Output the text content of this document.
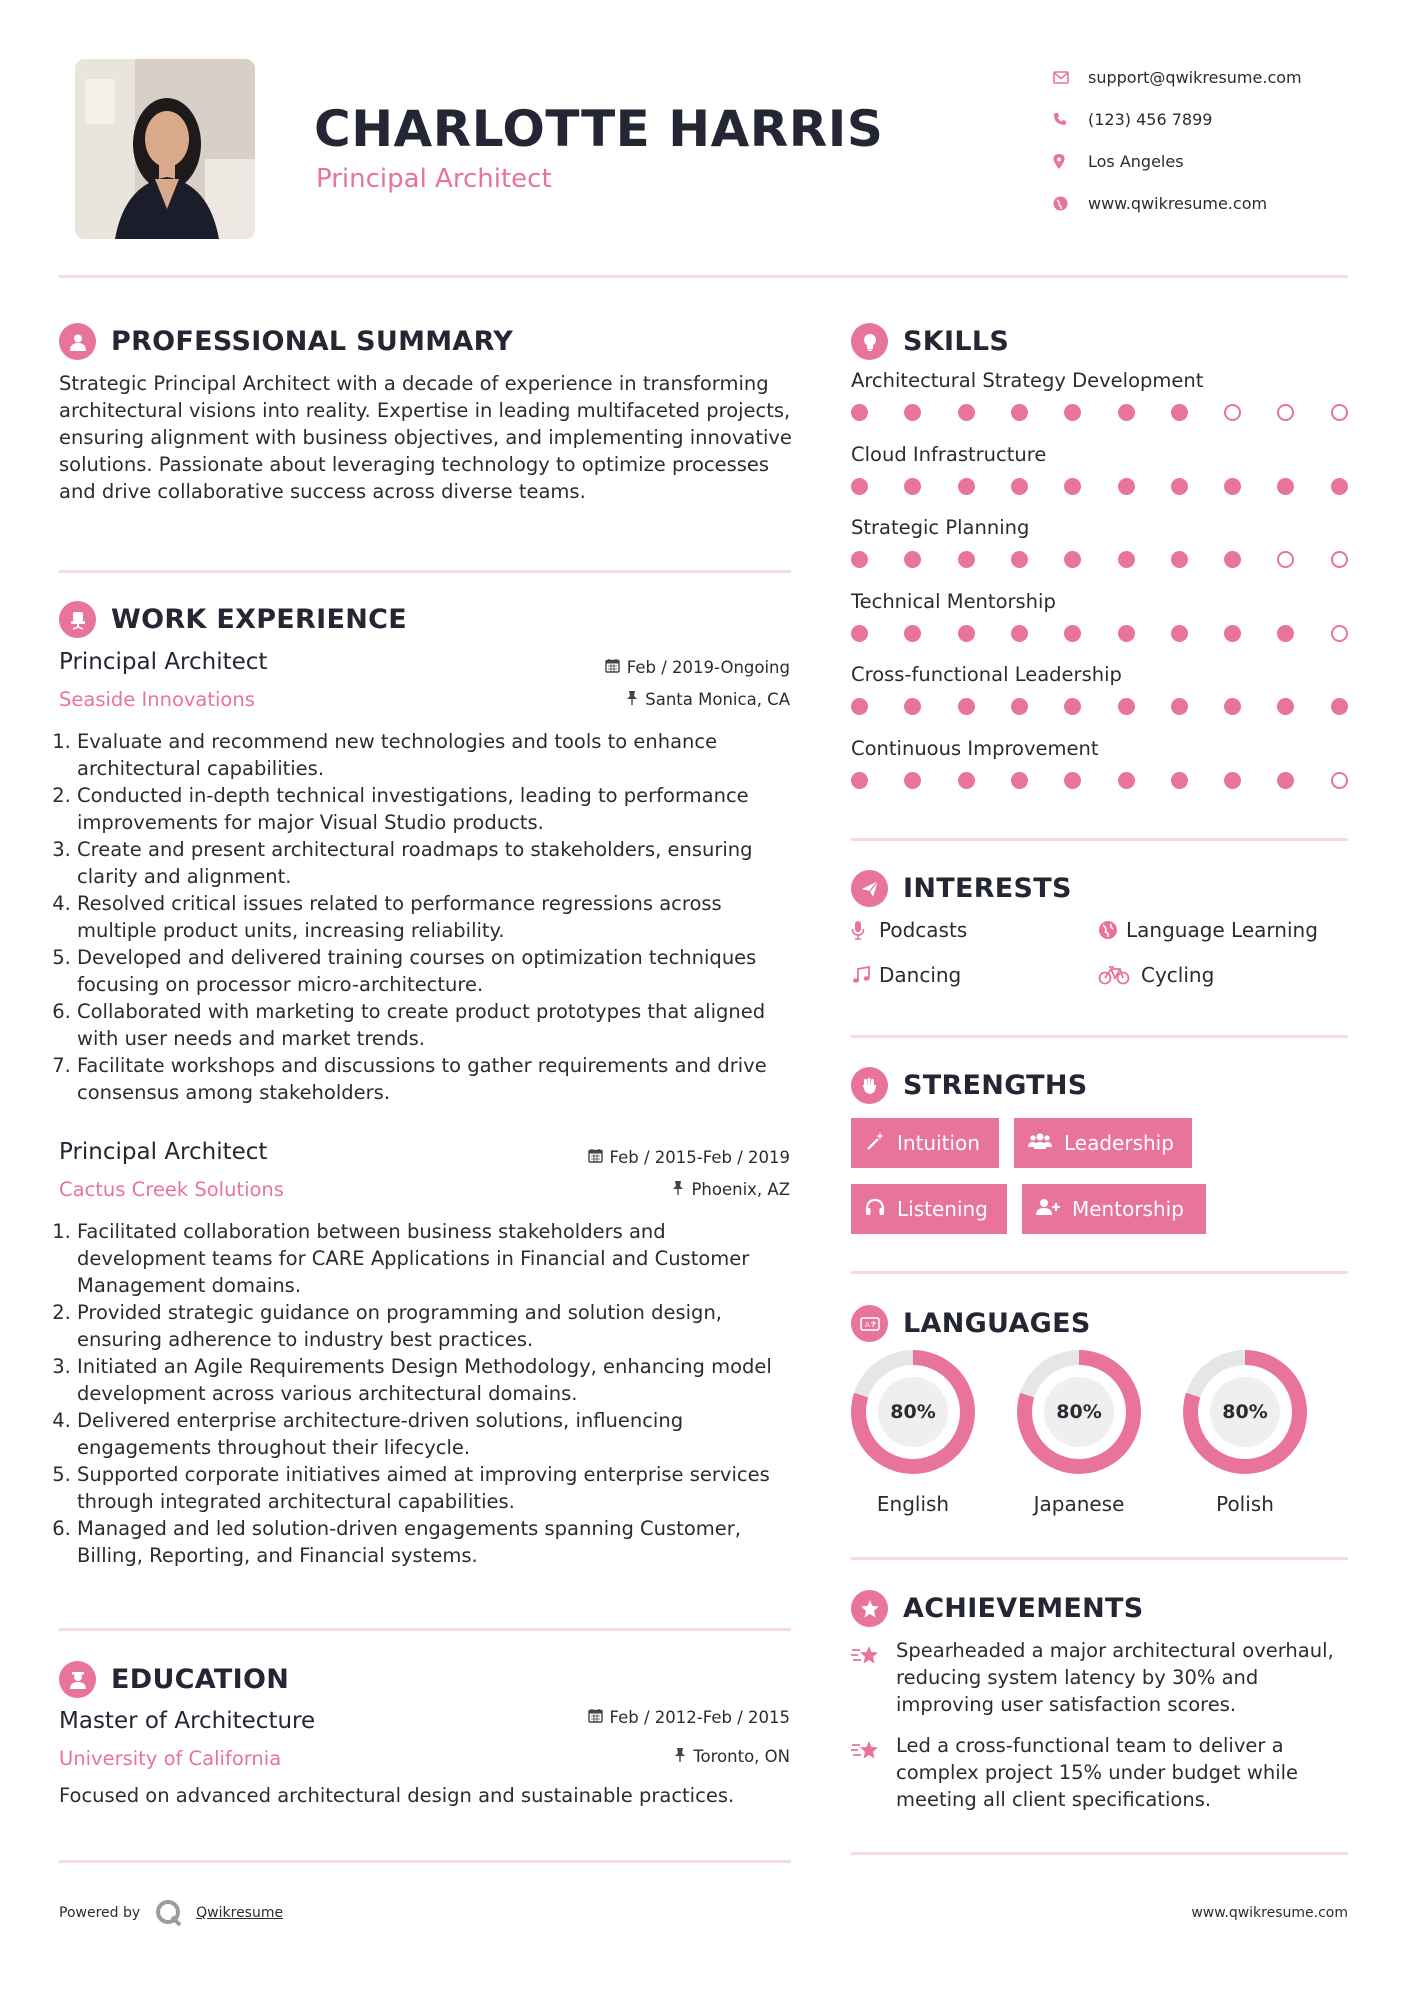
CHARLOTTE HARRIS
Principal Architect
support@qwikresume.com
(123) 456 7899
Los Angeles
www.qwikresume.com
PROFESSIONAL SUMMARY
Strategic Principal Architect with a decade of experience in transforming architectural visions into reality. Expertise in leading multifaceted projects, ensuring alignment with business objectives, and implementing innovative solutions. Passionate about leveraging technology to optimize processes and drive collaborative success across diverse teams.
WORK EXPERIENCE
Principal Architect
Seaside Innovations
Feb / 2019-Ongoing
Santa Monica, CA
1. Evaluate and recommend new technologies and tools to enhance architectural capabilities.
2. Conducted in-depth technical investigations, leading to performance improvements for major Visual Studio products.
3. Create and present architectural roadmaps to stakeholders, ensuring clarity and alignment.
4. Resolved critical issues related to performance regressions across multiple product units, increasing reliability.
5. Developed and delivered training courses on optimization techniques focusing on processor micro-architecture.
6. Collaborated with marketing to create product prototypes that aligned with user needs and market trends.
7. Facilitate workshops and discussions to gather requirements and drive consensus among stakeholders.
Principal Architect
Cactus Creek Solutions
Feb / 2015-Feb / 2019
Phoenix, AZ
1. Facilitated collaboration between business stakeholders and development teams for CARE Applications in Financial and Customer Management domains.
2. Provided strategic guidance on programming and solution design, ensuring adherence to industry best practices.
3. Initiated an Agile Requirements Design Methodology, enhancing model development across various architectural domains.
4. Delivered enterprise architecture-driven solutions, influencing engagements throughout their lifecycle.
5. Supported corporate initiatives aimed at improving enterprise services through integrated architectural capabilities.
6. Managed and led solution-driven engagements spanning Customer, Billing, Reporting, and Financial systems.
EDUCATION
Master of Architecture
University of California
Feb / 2012-Feb / 2015
Toronto, ON
Focused on advanced architectural design and sustainable practices.
SKILLS
Architectural Strategy Development
Cloud Infrastructure
Strategic Planning
Technical Mentorship
Cross-functional Leadership
Continuous Improvement
INTERESTS
Podcasts	Language Learning
Dancing	Cycling
STRENGTHS
Intuition	Leadership
Listening	Mentorship
A LANGUAGES
80%
English
80%
Japanese
80%
Polish
ACHIEVEMENTS
Spearheaded a major architectural overhaul, reducing system latency by 30% and improving user satisfaction scores.
Led a cross-functional team to deliver a complex project 15% under budget while meeting all client specifications.
Powered by	Qwikresume	www.qwikresume.com
